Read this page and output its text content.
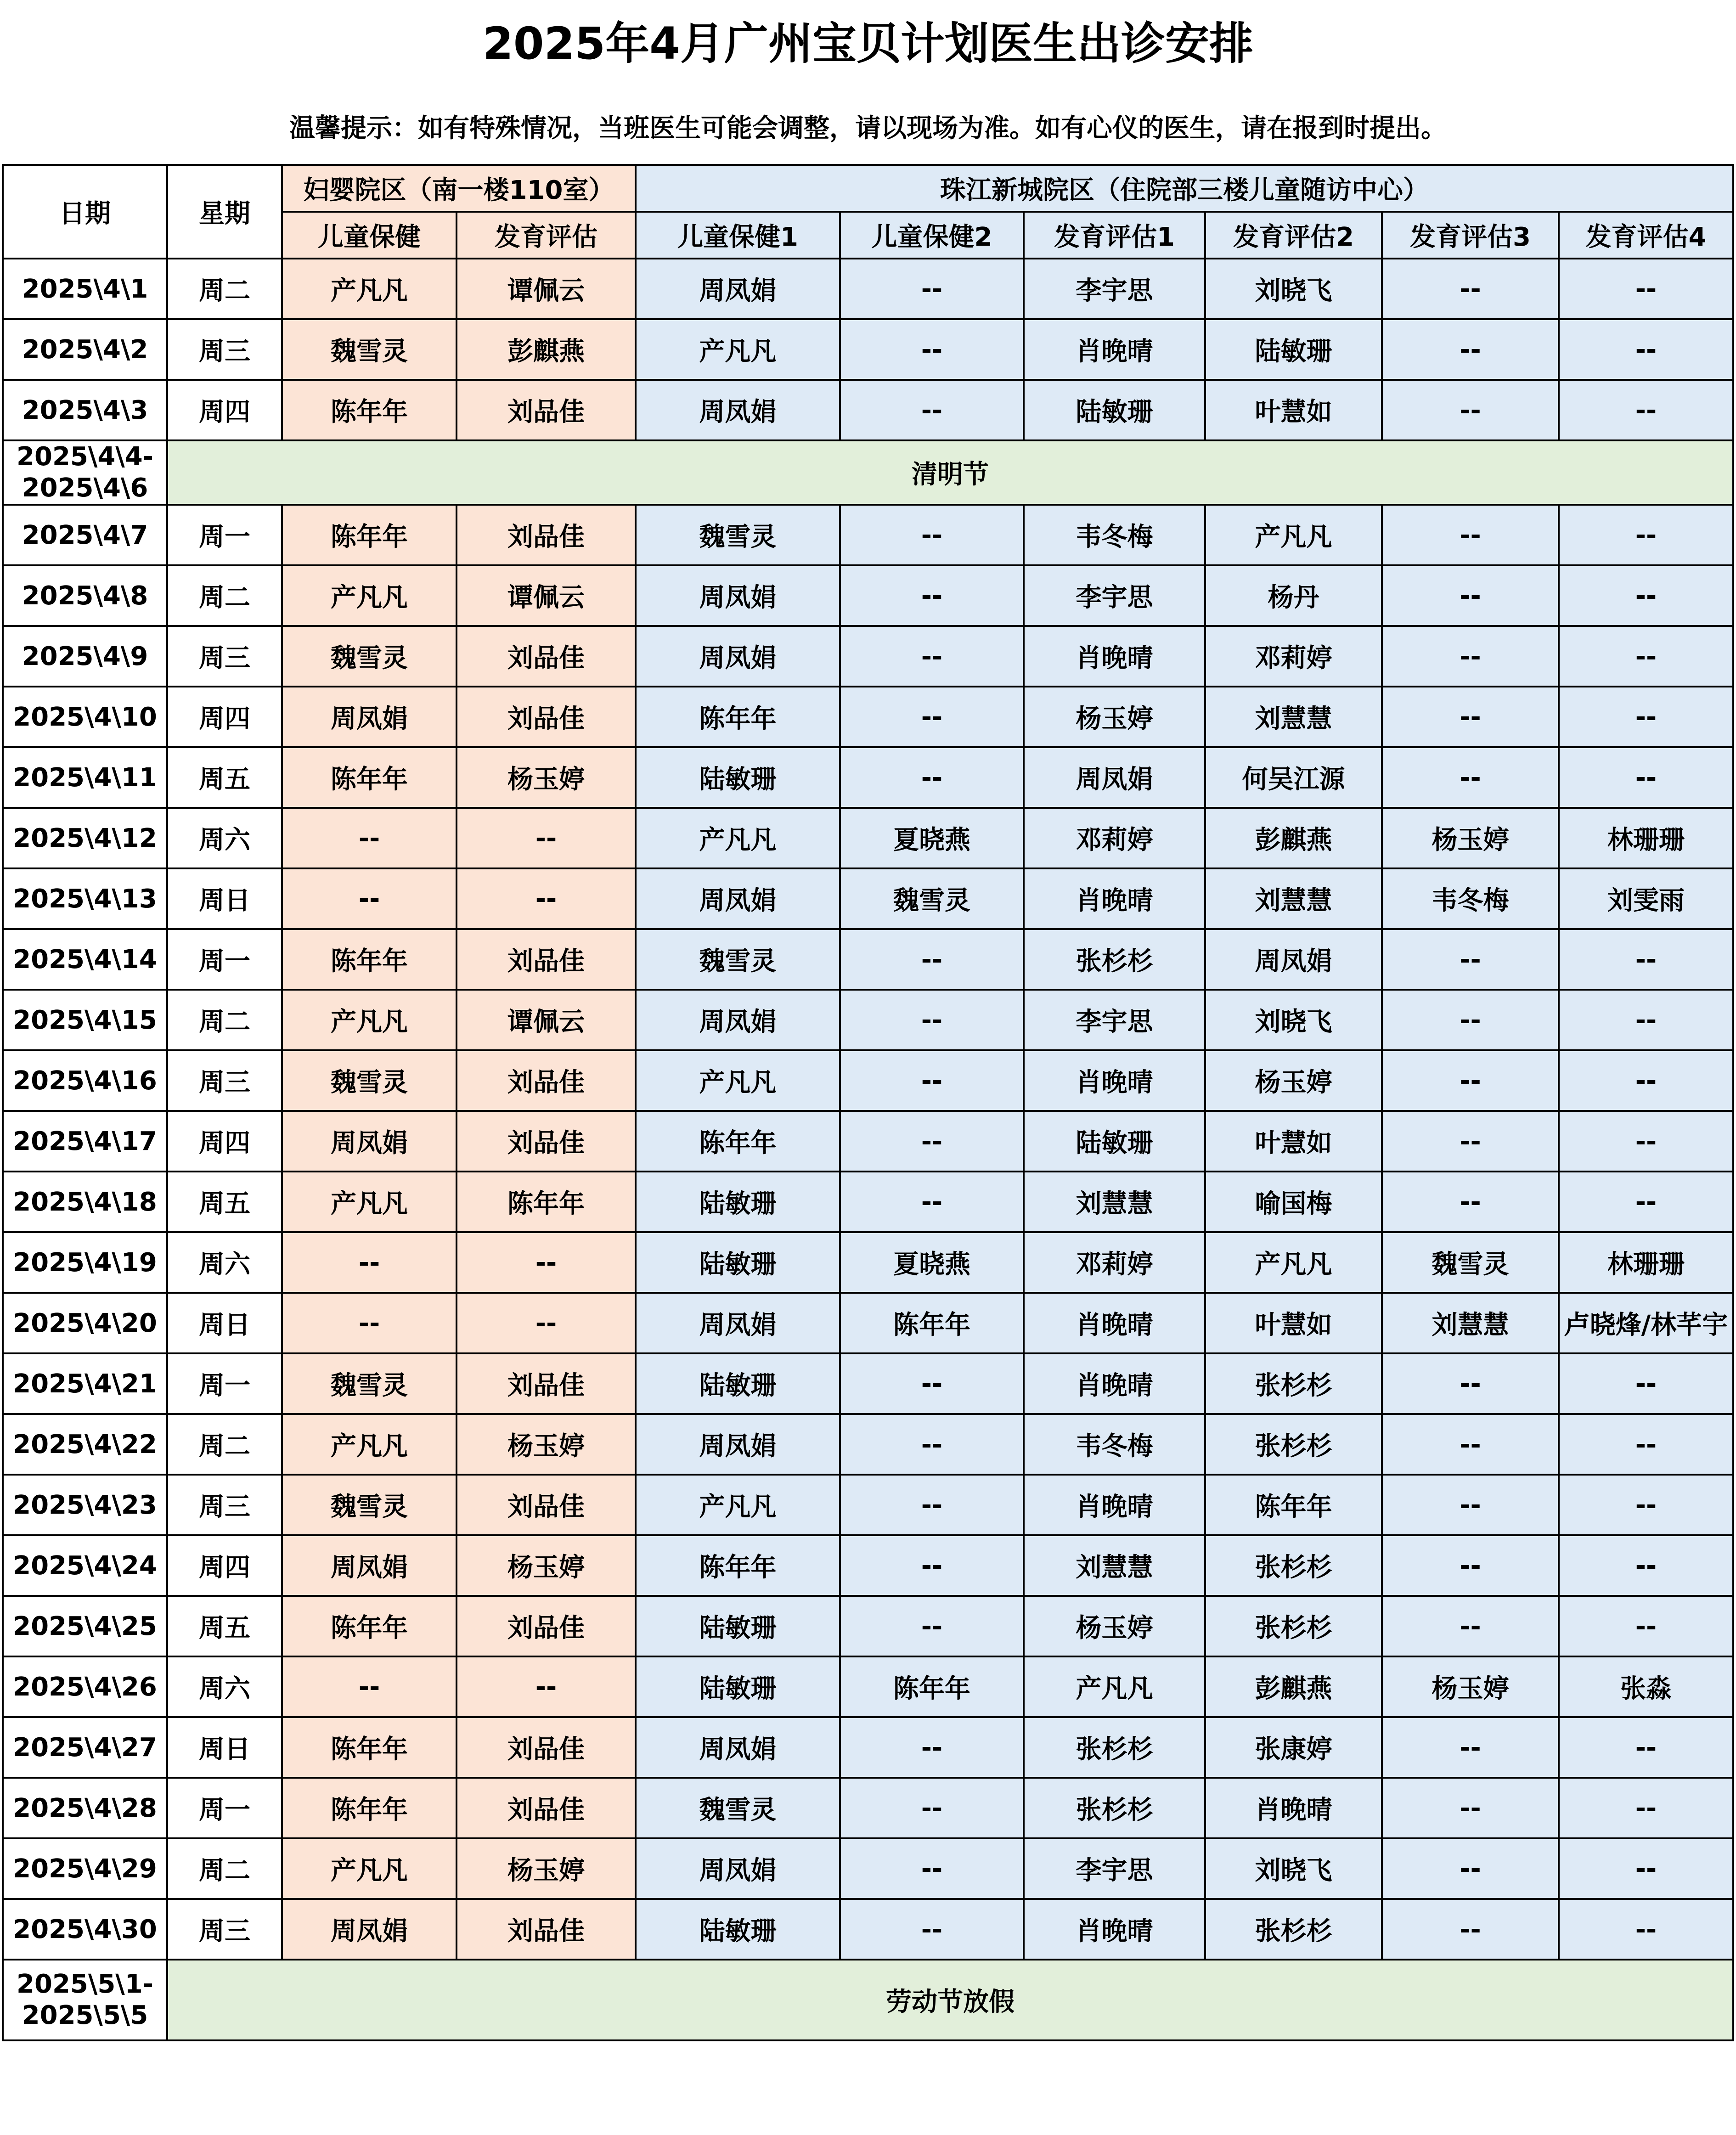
2025年4月广州宝贝计划医生出诊安排
温馨提示：如有特殊情况，当班医生可能会调整，请以现场为准。如有心仪的医生，请在报到时提出。
日期	星期	妇婴院区（南一楼110室）		珠江新城院区（住院部三楼儿童随访中心）					
		儿童保健	发育评估	儿童保健1	儿童保健2	发育评估1	发育评估2	发育评估3	发育评估4
2025\4\1	周二	产凡凡	谭佩云	周凤娟	--	李宇思	刘晓飞	--	--
2025\4\2	周三	魏雪灵	彭麒燕	产凡凡	--	肖晚晴	陆敏珊	--	--
2025\4\3	周四	陈年年	刘品佳	周凤娟	--	陆敏珊	叶慧如	--	--

2025\4\4-
2025\4\6	清明节								
2025\4\7	周一	陈年年	刘品佳	魏雪灵	--	韦冬梅	产凡凡	--	--
2025\4\8	周二	产凡凡	谭佩云	周凤娟	--	李宇思	杨丹	--	--
2025\4\9	周三	魏雪灵	刘品佳	周凤娟	--	肖晚晴	邓莉婷	--	--
2025\4\10	周四	周凤娟	刘品佳	陈年年	--	杨玉婷	刘慧慧	--	--
2025\4\11	周五	陈年年	杨玉婷	陆敏珊	--	周凤娟	何吴江源	--	--
2025\4\12	周六	--	--	产凡凡	夏晓燕	邓莉婷	彭麒燕	杨玉婷	林珊珊
2025\4\13	周日	--	--	周凤娟	魏雪灵	肖晚晴	刘慧慧	韦冬梅	刘雯雨
2025\4\14	周一	陈年年	刘品佳	魏雪灵	--	张杉杉	周凤娟	--	--
2025\4\15	周二	产凡凡	谭佩云	周凤娟	--	李宇思	刘晓飞	--	--
2025\4\16	周三	魏雪灵	刘品佳	产凡凡	--	肖晚晴	杨玉婷	--	--
2025\4\17	周四	周凤娟	刘品佳	陈年年	--	陆敏珊	叶慧如	--	--
2025\4\18	周五	产凡凡	陈年年	陆敏珊	--	刘慧慧	喻国梅	--	--
2025\4\19	周六	--	--	陆敏珊	夏晓燕	邓莉婷	产凡凡	魏雪灵	林珊珊
2025\4\20	周日	--	--	周凤娟	陈年年	肖晚晴	叶慧如	刘慧慧	卢晓烽/林芊宇
2025\4\21	周一	魏雪灵	刘品佳	陆敏珊	--	肖晚晴	张杉杉	--	--
2025\4\22	周二	产凡凡	杨玉婷	周凤娟	--	韦冬梅	张杉杉	--	--
2025\4\23	周三	魏雪灵	刘品佳	产凡凡	--	肖晚晴	陈年年	--	--
2025\4\24	周四	周凤娟	杨玉婷	陈年年	--	刘慧慧	张杉杉	--	--
2025\4\25	周五	陈年年	刘品佳	陆敏珊	--	杨玉婷	张杉杉	--	--
2025\4\26	周六	--	--	陆敏珊	陈年年	产凡凡	彭麒燕	杨玉婷	张淼
2025\4\27	周日	陈年年	刘品佳	周凤娟	--	张杉杉	张康婷	--	--
2025\4\28	周一	陈年年	刘品佳	魏雪灵	--	张杉杉	肖晚晴	--	--
2025\4\29	周二	产凡凡	杨玉婷	周凤娟	--	李宇思	刘晓飞	--	--
2025\4\30	周三	周凤娟	刘品佳	陆敏珊	--	肖晚晴	张杉杉	--	--

2025\5\1-
2025\5\5	劳动节放假								
